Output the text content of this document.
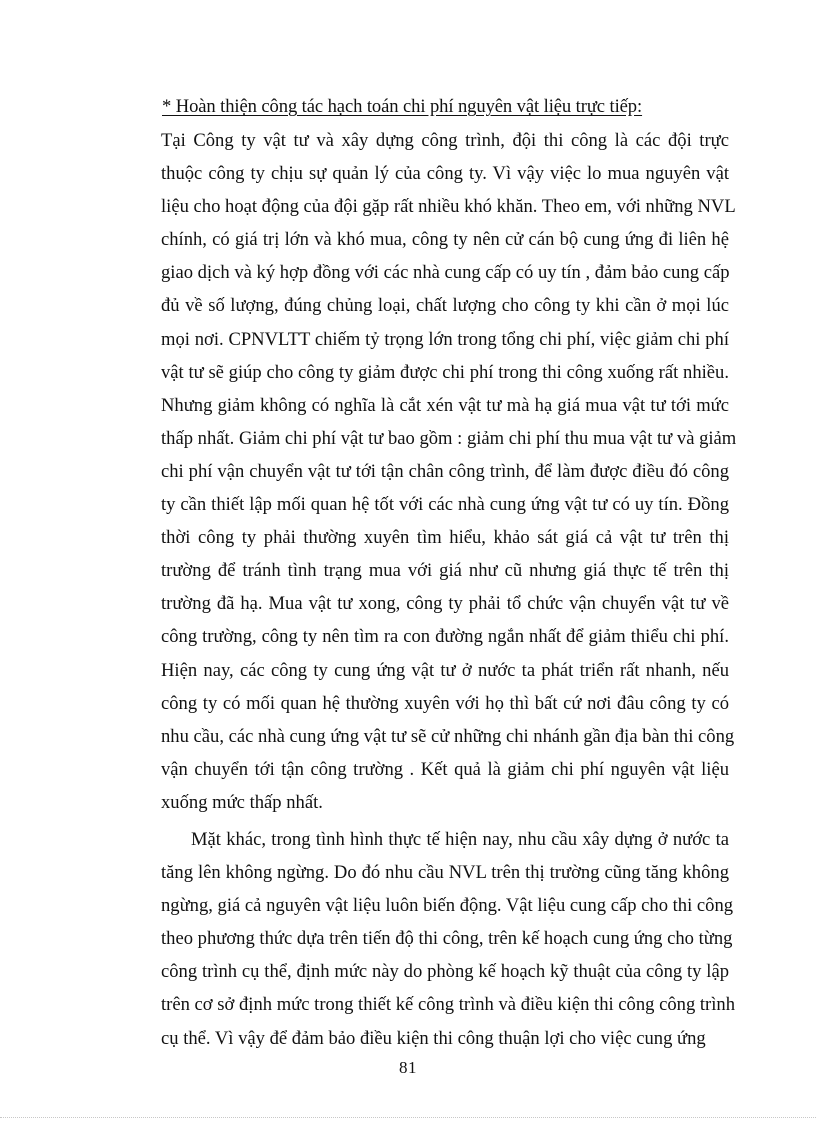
* Hoàn thiện công tác hạch toán chi phí nguyên vật liệu trực tiếp:
Tại Công ty vật tư và xây dựng công trình, đội thi công là các đội trực
thuộc công ty chịu sự quản lý của công ty. Vì vậy việc lo mua nguyên vật
liệu cho hoạt động của đội gặp rất nhiều khó khăn. Theo em, với những NVL
chính, có giá trị lớn và khó mua, công ty nên cử cán bộ cung ứng đi liên hệ
giao dịch và ký hợp đồng với các nhà cung cấp có uy tín , đảm bảo cung cấp
đủ về số lượng, đúng chủng loại, chất lượng cho công ty khi cần ở mọi lúc
mọi nơi. CPNVLTT chiếm tỷ trọng lớn trong tổng chi phí, việc giảm chi phí
vật tư sẽ giúp cho công ty giảm được chi phí trong thi công xuống rất nhiều.
Nhưng giảm không có nghĩa là cắt xén vật tư mà hạ giá mua vật tư tới mức
thấp nhất. Giảm chi phí vật tư bao gồm : giảm chi phí thu mua vật tư và giảm
chi phí vận chuyển vật tư tới tận chân công trình, để làm được điều đó công
ty cần thiết lập mối quan hệ tốt với các nhà cung ứng vật tư có uy tín. Đồng
thời công ty phải thường xuyên tìm hiểu, khảo sát giá cả vật tư trên thị
trường để tránh tình trạng mua với giá như cũ nhưng giá thực tế trên thị
trường đã hạ. Mua vật tư xong, công ty phải tổ chức vận chuyển vật tư về
công trường, công ty nên tìm ra con đường ngắn nhất để giảm thiểu chi phí.
Hiện nay, các công ty cung ứng vật tư ở nước ta phát triển rất nhanh, nếu
công ty có mối quan hệ thường xuyên với họ thì bất cứ nơi đâu công ty có
nhu cầu, các nhà cung ứng vật tư sẽ cử những chi nhánh gần địa bàn thi công
vận chuyển tới tận công trường . Kết quả là giảm chi phí nguyên vật liệu
xuống mức thấp nhất.
Mặt khác, trong tình hình thực tế hiện nay, nhu cầu xây dựng ở nước ta
tăng lên không ngừng. Do đó nhu cầu NVL trên thị trường cũng tăng không
ngừng, giá cả nguyên vật liệu luôn biến động. Vật liệu cung cấp cho thi công
theo phương thức dựa trên tiến độ thi công, trên kế hoạch cung ứng cho từng
công trình cụ thể, định mức này do phòng kế hoạch kỹ thuật của công ty lập
trên cơ sở định mức trong thiết kế công trình và điều kiện thi công công trình
cụ thể. Vì vậy để đảm bảo điều kiện thi công thuận lợi cho việc cung ứng
81
